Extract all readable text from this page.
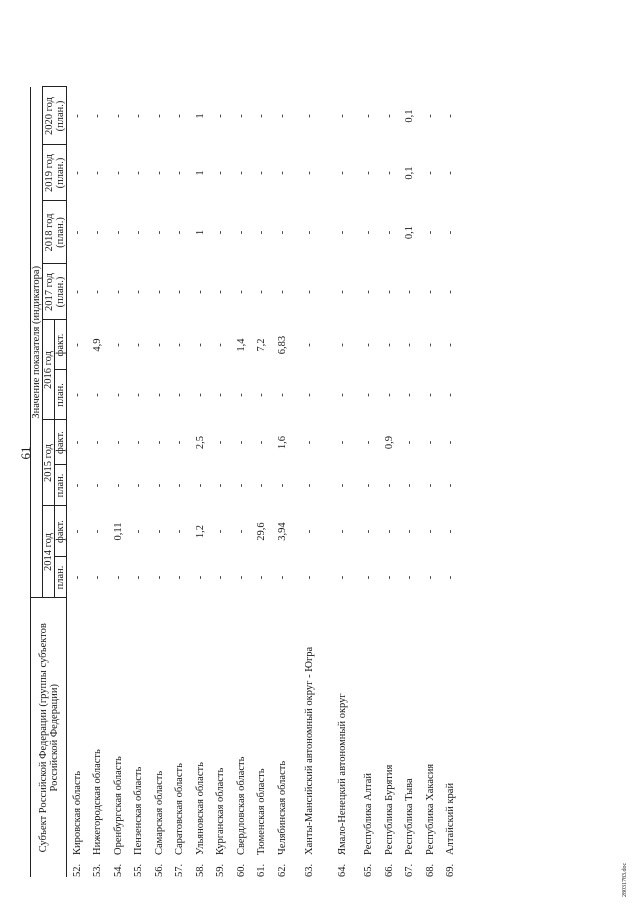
61
Субъект Российской Федерации (группы субъектов Российской Федерации)		Значение показателя (индикатора)									
		2014 год		2015 год		2016 год		2017 год (план.)	2018 год (план.)	2019 год (план.)	2020 год (план.)
		план.	факт.	план.	факт.	план.	факт.				

52.	Кировская область	-	-	-	-	-	-	-	-	-	-
53.	Нижегородская область	-	-	-	-	-	4,9	-	-	-	-
54.	Оренбургская область	-	0,11	-	-	-	-	-	-	-	-
55.	Пензенская область	-	-	-	-	-	-	-	-	-	-
56.	Самарская область	-	-	-	-	-	-	-	-	-	-
57.	Саратовская область	-	-	-	-	-	-	-	-	-	-
58.	Ульяновская область	-	1,2	-	2,5	-	-	-	1	1	1
59.	Курганская область	-	-	-	-	-	-	-	-	-	-
60.	Свердловская область	-	-	-	-	-	1,4	-	-	-	-
61.	Тюменская область	-	29,6	-	-	-	7,2	-	-	-	-
62.	Челябинская область	-	3,94	-	1,6	-	6,83	-	-	-	-
63.	Ханты-Мансийский автономный округ - Югра	-	-	-	-	-	-	-	-	-	-
64.	Ямало-Ненецкий автономный округ	-	-	-	-	-	-	-	-	-	-
65.	Республика Алтай	-	-	-	-	-	-	-	-	-	-
66.	Республика Бурятия	-	-	-	0,9	-	-	-	-	-	-
67.	Республика Тыва	-	-	-	-	-	-	-	0,1	0,1	0,1
68.	Республика Хакасия	-	-	-	-	-	-	-	-	-	-
69.	Алтайский край	-	-	-	-	-	-	-	-	-	-
28031783.doc
